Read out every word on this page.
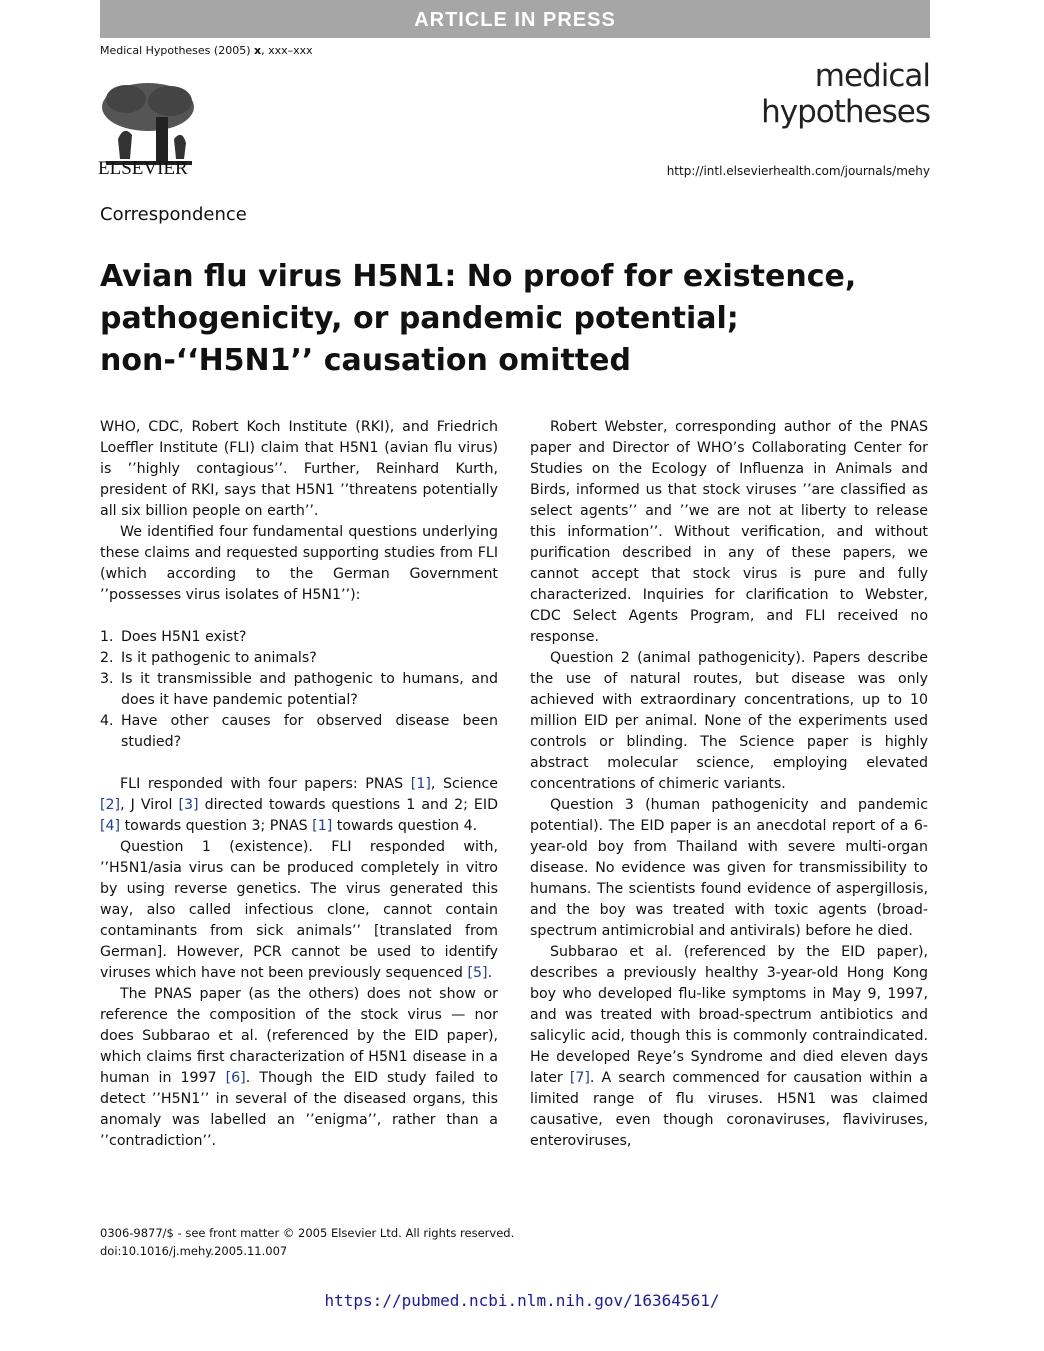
ARTICLE IN PRESS
Medical Hypotheses (2005) x, xxx–xxx
ELSEVIER
medical
hypotheses
http://intl.elsevierhealth.com/journals/mehy
Correspondence
Avian flu virus H5N1: No proof for existence, pathogenicity, or pandemic potential; non-‘‘H5N1’’ causation omitted

WHO, CDC, Robert Koch Institute (RKI), and Friedrich Loeffler Institute (FLI) claim that H5N1 (avian flu virus) is ’’highly contagious’’. Further, Reinhard Kurth, president of RKI, says that H5N1 ’’threatens potentially all six billion people on earth’’.

We identified four fundamental questions underlying these claims and requested supporting studies from FLI (which according to the German Government ’’possesses virus isolates of H5N1’’):

1. Does H5N1 exist?
2. Is it pathogenic to animals?
3. Is it transmissible and pathogenic to humans, and does it have pandemic potential?
4. Have other causes for observed disease been studied?

FLI responded with four papers: PNAS [1], Science [2], J Virol [3] directed towards questions 1 and 2; EID [4] towards question 3; PNAS [1] towards question 4.

Question 1 (existence). FLI responded with, ’’H5N1/asia virus can be produced completely in vitro by using reverse genetics. The virus generated this way, also called infectious clone, cannot contain contaminants from sick animals’’ [translated from German]. However, PCR cannot be used to identify viruses which have not been previously sequenced [5].

The PNAS paper (as the others) does not show or reference the composition of the stock virus — nor does Subbarao et al. (referenced by the EID paper), which claims first characterization of H5N1 disease in a human in 1997 [6]. Though the EID study failed to detect ’’H5N1’’ in several of the diseased organs, this anomaly was labelled an ’’enigma’’, rather than a ’’contradiction’’.

Robert Webster, corresponding author of the PNAS paper and Director of WHO’s Collaborating Center for Studies on the Ecology of Influenza in Animals and Birds, informed us that stock viruses ’’are classified as select agents’’ and ’’we are not at liberty to release this information’’. Without verification, and without purification described in any of these papers, we cannot accept that stock virus is pure and fully characterized. Inquiries for clarification to Webster, CDC Select Agents Program, and FLI received no response.

Question 2 (animal pathogenicity). Papers describe the use of natural routes, but disease was only achieved with extraordinary concentrations, up to 10 million EID per animal. None of the experiments used controls or blinding. The Science paper is highly abstract molecular science, employing elevated concentrations of chimeric variants.

Question 3 (human pathogenicity and pandemic potential). The EID paper is an anecdotal report of a 6-year-old boy from Thailand with severe multi-organ disease. No evidence was given for transmissibility to humans. The scientists found evidence of aspergillosis, and the boy was treated with toxic agents (broad-spectrum antimicrobial and antivirals) before he died.

Subbarao et al. (referenced by the EID paper), describes a previously healthy 3-year-old Hong Kong boy who developed flu-like symptoms in May 9, 1997, and was treated with broad-spectrum antibiotics and salicylic acid, though this is commonly contraindicated. He developed Reye’s Syndrome and died eleven days later [7]. A search commenced for causation within a limited range of flu viruses. H5N1 was claimed causative, even though coronaviruses, flaviviruses, enteroviruses,

0306-9877/$ - see front matter © 2005 Elsevier Ltd. All rights reserved.
doi:10.1016/j.mehy.2005.11.007
https://pubmed.ncbi.nlm.nih.gov/16364561/
